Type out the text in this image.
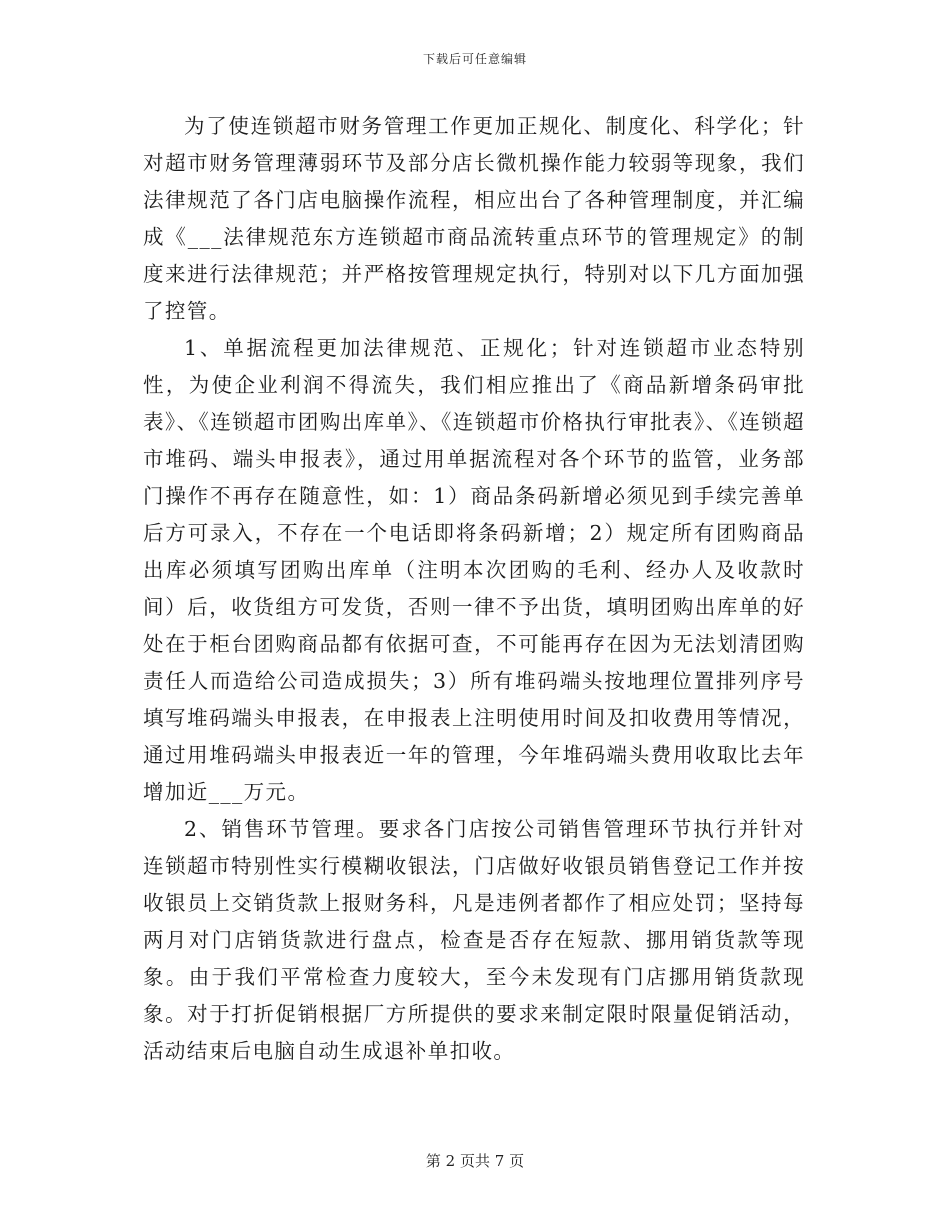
下载后可任意编辑

为了使连锁超市财务管理工作更加正规化、制度化、科学化；针对超市财务管理薄弱环节及部分店长微机操作能力较弱等现象，我们法律规范了各门店电脑操作流程，相应出台了各种管理制度，并汇编成《___法律规范东方连锁超市商品流转重点环节的管理规定》的制度来进行法律规范；并严格按管理规定执行，特别对以下几方面加强了控管。

1、单据流程更加法律规范、正规化；针对连锁超市业态特别性，为使企业利润不得流失，我们相应推出了《商品新增条码审批表》、《连锁超市团购出库单》、《连锁超市价格执行审批表》、《连锁超市堆码、端头申报表》，通过用单据流程对各个环节的监管，业务部门操作不再存在随意性，如：1）商品条码新增必须见到手续完善单后方可录入，不存在一个电话即将条码新增；2）规定所有团购商品出库必须填写团购出库单（注明本次团购的毛利、经办人及收款时间）后，收货组方可发货，否则一律不予出货，填明团购出库单的好处在于柜台团购商品都有依据可查，不可能再存在因为无法划清团购责任人而造给公司造成损失；3）所有堆码端头按地理位置排列序号填写堆码端头申报表，在申报表上注明使用时间及扣收费用等情况，通过用堆码端头申报表近一年的管理，今年堆码端头费用收取比去年增加近___万元。

2、销售环节管理。要求各门店按公司销售管理环节执行并针对连锁超市特别性实行模糊收银法，门店做好收银员销售登记工作并按收银员上交销货款上报财务科，凡是违例者都作了相应处罚；坚持每两月对门店销货款进行盘点，检查是否存在短款、挪用销货款等现象。由于我们平常检查力度较大，至今未发现有门店挪用销货款现象。对于打折促销根据厂方所提供的要求来制定限时限量促销活动，活动结束后电脑自动生成退补单扣收。

第 2 页共 7 页
